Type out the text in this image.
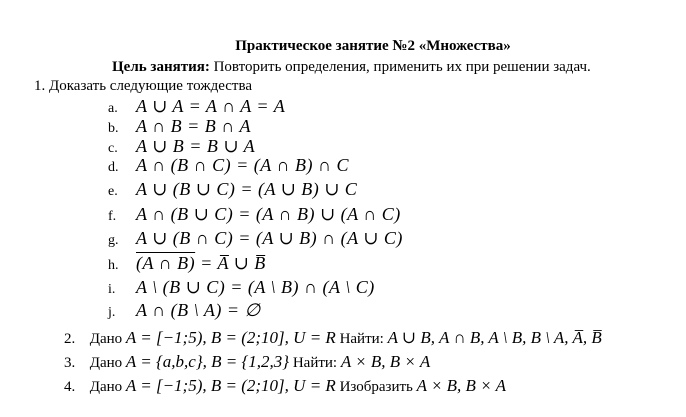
Практическое занятие №2 «Множества»
Цель занятия: Повторить определения, применить их при решении задач.
1. Доказать следующие тождества
a. A ∪ A = A ∩ A = A
b. A ∩ B = B ∩ A
c. A ∪ B = B ∪ A
d. A ∩ (B ∩ C) = (A ∩ B) ∩ C
e. A ∪ (B ∪ C) = (A ∪ B) ∪ C
f. A ∩ (B ∪ C) = (A ∩ B) ∪ (A ∩ C)
g. A ∪ (B ∩ C) = (A ∪ B) ∩ (A ∪ C)
h. (A ∩ B) = A̅ ∪ B̅
i. A \ (B ∪ C) = (A \ B) ∩ (A \ C)
j. A ∩ (B \ A) = ∅
2. Дано A = [−1;5), B = (2;10], U = R Найти: A ∪ B, A ∩ B, A \ B, B \ A, A̅, B̅
3. Дано A = {a,b,c}, B = {1,2,3} Найти: A × B, B × A
4. Дано A = [−1;5), B = (2;10], U = R Изобразить A × B, B × A
